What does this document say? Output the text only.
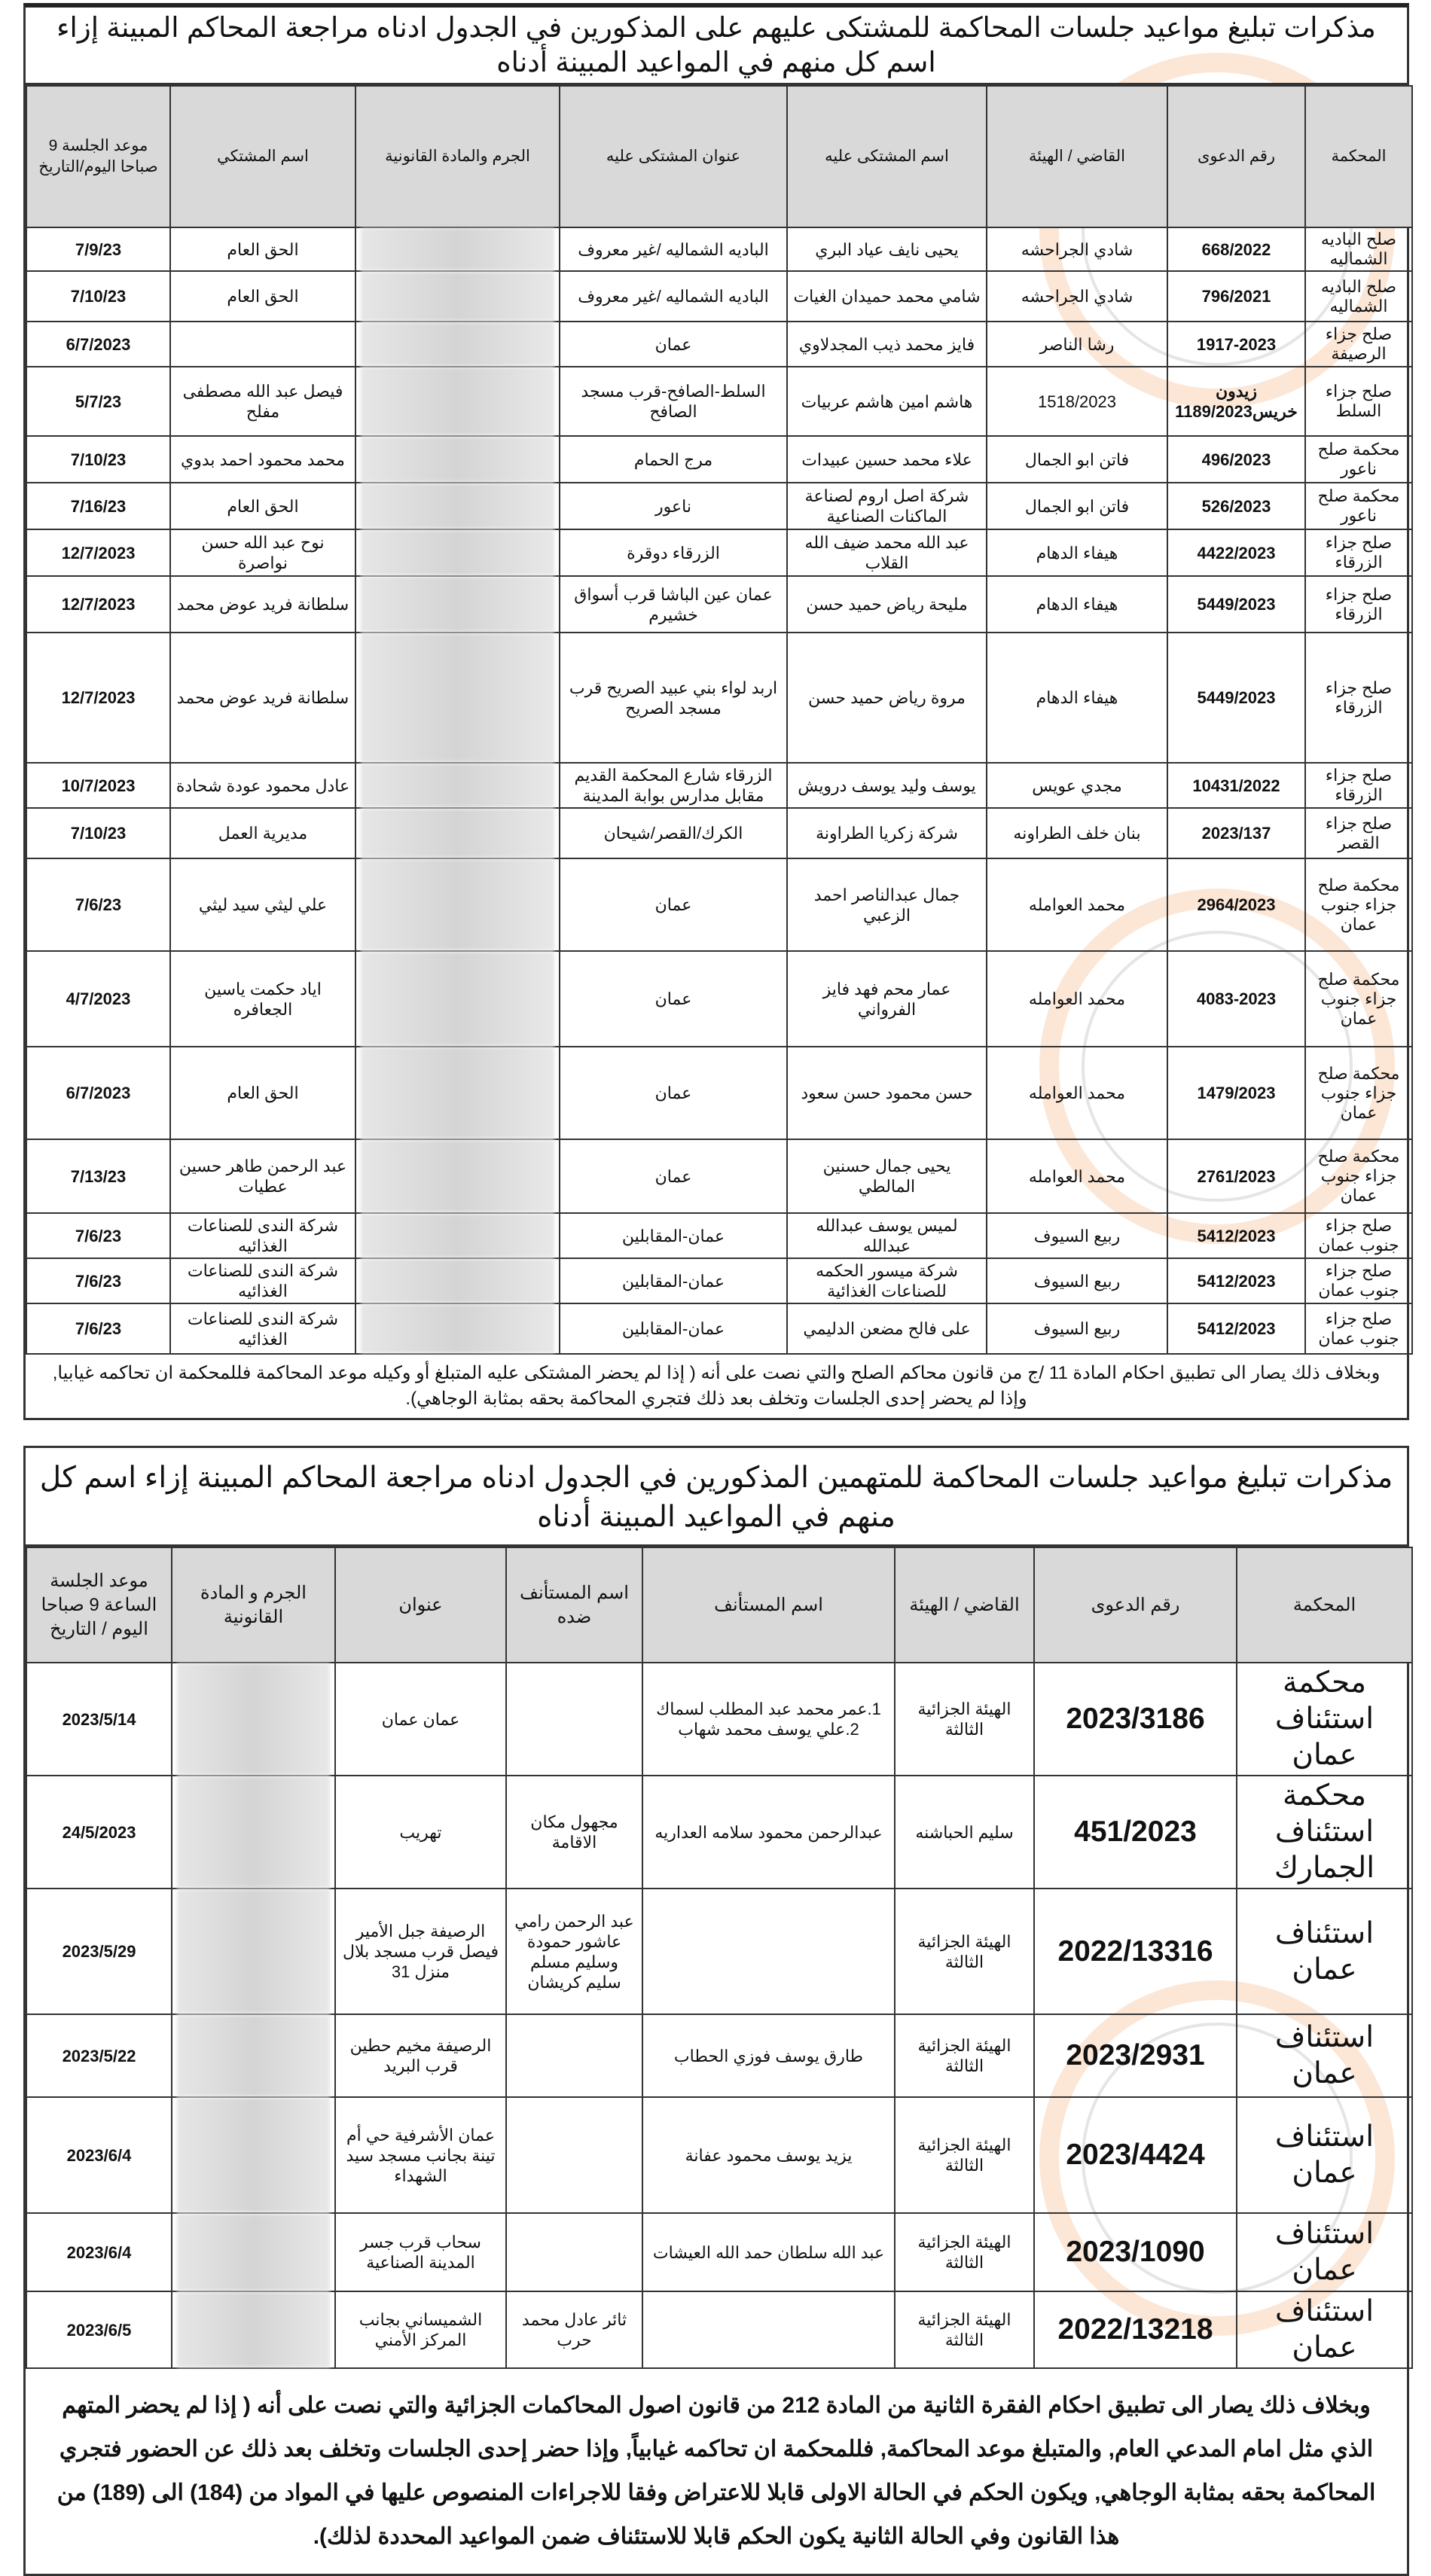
مذكرات تبليغ مواعيد جلسات المحاكمة للمشتكى عليهم على المذكورين في الجدول ادناه مراجعة المحاكم المبينة إزاء اسم كل منهم في المواعيد المبينة أدناه
المحكمة	رقم الدعوى	القاضي / الهيئة	اسم المشتكى عليه	عنوان المشتكى عليه	الجرم والمادة القانونية	اسم المشتكي	موعد الجلسة 9 صباحا اليوم/التاريخ
صلح الباديه الشماليه	668/2022	شادي الجراحشه	يحيى نايف عياد البري	الباديه الشماليه /غير معروف		الحق العام	7/9/23
صلح الباديه الشماليه	796/2021	شادي الجراحشه	شامي محمد حميدان الغيات	الباديه الشماليه /غير معروف		الحق العام	7/10/23
صلح جزاء الرصيفة	1917-2023	رشا الناصر	فايز محمد ذيب المجدلاوي	عمان			6/7/2023
صلح جزاء السلط	زيدون خريس1189/2023	1518/2023	هاشم امين هاشم عربيات	السلط-الصافح-قرب مسجد الصافح		فيصل عبد الله مصطفى مفلح	5/7/23
محكمة صلح ناعور	496/2023	فاتن ابو الجمال	علاء محمد حسين عبيدات	مرج الحمام		محمد محمود احمد بدوي	7/10/23
محكمة صلح ناعور	526/2023	فاتن ابو الجمال	شركة اصل اروم لصناعة الماكنات الصناعية	ناعور		الحق العام	7/16/23
صلح جزاء الزرقاء	4422/2023	هيفاء الدهام	عبد الله محمد ضيف الله القلاب	الزرقاء دوقرة		نوح عبد الله حسن نواصرة	12/7/2023
صلح جزاء الزرقاء	5449/2023	هيفاء الدهام	مليحة رياض حميد حسن	عمان عين الباشا قرب أسواق خشيرم		سلطانة فريد عوض محمد	12/7/2023
صلح جزاء الزرقاء	5449/2023	هيفاء الدهام	مروة رياض حميد حسن	اربد لواء بني عبيد الصريح قرب مسجد الصريح		سلطانة فريد عوض محمد	12/7/2023
صلح جزاء الزرقاء	10431/2022	مجدي عويس	يوسف وليد يوسف درويش	الزرقاء شارع المحكمة القديم مقابل مدارس بوابة المدينة		عادل محمود عودة شحادة	10/7/2023
صلح جزاء القصر	2023/137	بنان خلف الطراونه	شركة زكريا الطراونة	الكرك/القصر/شيحان		مديرية العمل	7/10/23
محكمة صلح جزاء جنوب عمان	2964/2023	محمد العوامله	جمال عبدالناصر احمد الزعبي	عمان		علي ليثي سيد ليثي	7/6/23
محكمة صلح جزاء جنوب عمان	4083-2023	محمد العوامله	عمار محم فهد فايز الفرواني	عمان		اياد حكمت ياسين الجعافره	4/7/2023
محكمة صلح جزاء جنوب عمان	1479/2023	محمد العوامله	حسن محمود حسن سعود	عمان		الحق العام	6/7/2023
محكمة صلح جزاء جنوب عمان	2761/2023	محمد العوامله	يحيى جمال حسنين المالطي	عمان		عبد الرحمن طاهر حسين عطيات	7/13/23
صلح جزاء جنوب عمان	5412/2023	ربيع السيوف	لميس يوسف عبدالله عبدالله	عمان-المقابلين		شركة الندى للصناعات الغذائيه	7/6/23
صلح جزاء جنوب عمان	5412/2023	ربيع السيوف	شركة ميسور الحكمه للصناعات الغذائية	عمان-المقابلين		شركة الندى للصناعات الغذائيه	7/6/23
صلح جزاء جنوب عمان	5412/2023	ربيع السيوف	على فالح مضعن الدليمي	عمان-المقابلين		شركة الندى للصناعات الغذائيه	7/6/23
وبخلاف ذلك يصار الى تطبيق احكام المادة 11 /ج من قانون محاكم الصلح والتي نصت على أنه ( إذا لم يحضر المشتكى عليه المتبلغ أو وكيله موعد المحاكمة فللمحكمة ان تحاكمه غيابيا, وإذا لم يحضر إحدى الجلسات وتخلف بعد ذلك فتجري المحاكمة بحقه بمثابة الوجاهي).
مذكرات تبليغ مواعيد جلسات المحاكمة للمتهمين المذكورين في الجدول ادناه مراجعة المحاكم المبينة إزاء اسم كل منهم في المواعيد المبينة أدناه
المحكمة	رقم الدعوى	القاضي / الهيئة	اسم المستأنف	اسم المستأنف ضده	عنوان	الجرم و المادة القانونية	موعد الجلسة الساعة 9 صباحا اليوم / التاريخ
محكمة استئناف عمان	2023/3186	الهيئة الجزائية الثالثة	1.عمر محمد عبد المطلب لسماك 2.علي يوسف محمد شهاب		عمان عمان		2023/5/14
محكمة استئناف الجمارك	451/2023	سليم الحباشنه	عبدالرحمن محمود سلامه العداريه	مجهول مكان الاقامة	تهريب		24/5/2023
استئناف عمان	2022/13316	الهيئة الجزائية الثالثة		عبد الرحمن رامي عاشور حمودة وسليم مسلم سليم كريشان	الرصيفة جبل الأمير فيصل قرب مسجد بلال منزل 31		2023/5/29
استئناف عمان	2023/2931	الهيئة الجزائية الثالثة	طارق يوسف فوزي الحطاب		الرصيفة مخيم حطين قرب البريد		2023/5/22
استئناف عمان	2023/4424	الهيئة الجزائية الثالثة	يزيد يوسف محمود عفانة		عمان الأشرفية حي أم تينة بجانب مسجد سيد الشهداء		2023/6/4
استئناف عمان	2023/1090	الهيئة الجزائية الثالثة	عبد الله سلطان حمد الله العيشات		سحاب قرب جسر المدينة الصناعية		2023/6/4
استئناف عمان	2022/13218	الهيئة الجزائية الثالثة		ثائر عادل محمد حرب	الشميساني بجانب المركز الأمني		2023/6/5
وبخلاف ذلك يصار الى تطبيق احكام الفقرة الثانية من المادة 212 من قانون اصول المحاكمات الجزائية والتي نصت على أنه ( إذا لم يحضر المتهم الذي مثل امام المدعي العام, والمتبلغ موعد المحاكمة, فللمحكمة ان تحاكمه غيابياً, وإذا حضر إحدى الجلسات وتخلف بعد ذلك عن الحضور فتجري المحاكمة بحقه بمثابة الوجاهي, ويكون الحكم في الحالة الاولى قابلا للاعتراض وفقا للاجراءات المنصوص عليها في المواد من (184) الى (189) من هذا القانون وفي الحالة الثانية يكون الحكم قابلا للاستئناف ضمن المواعيد المحددة لذلك).
